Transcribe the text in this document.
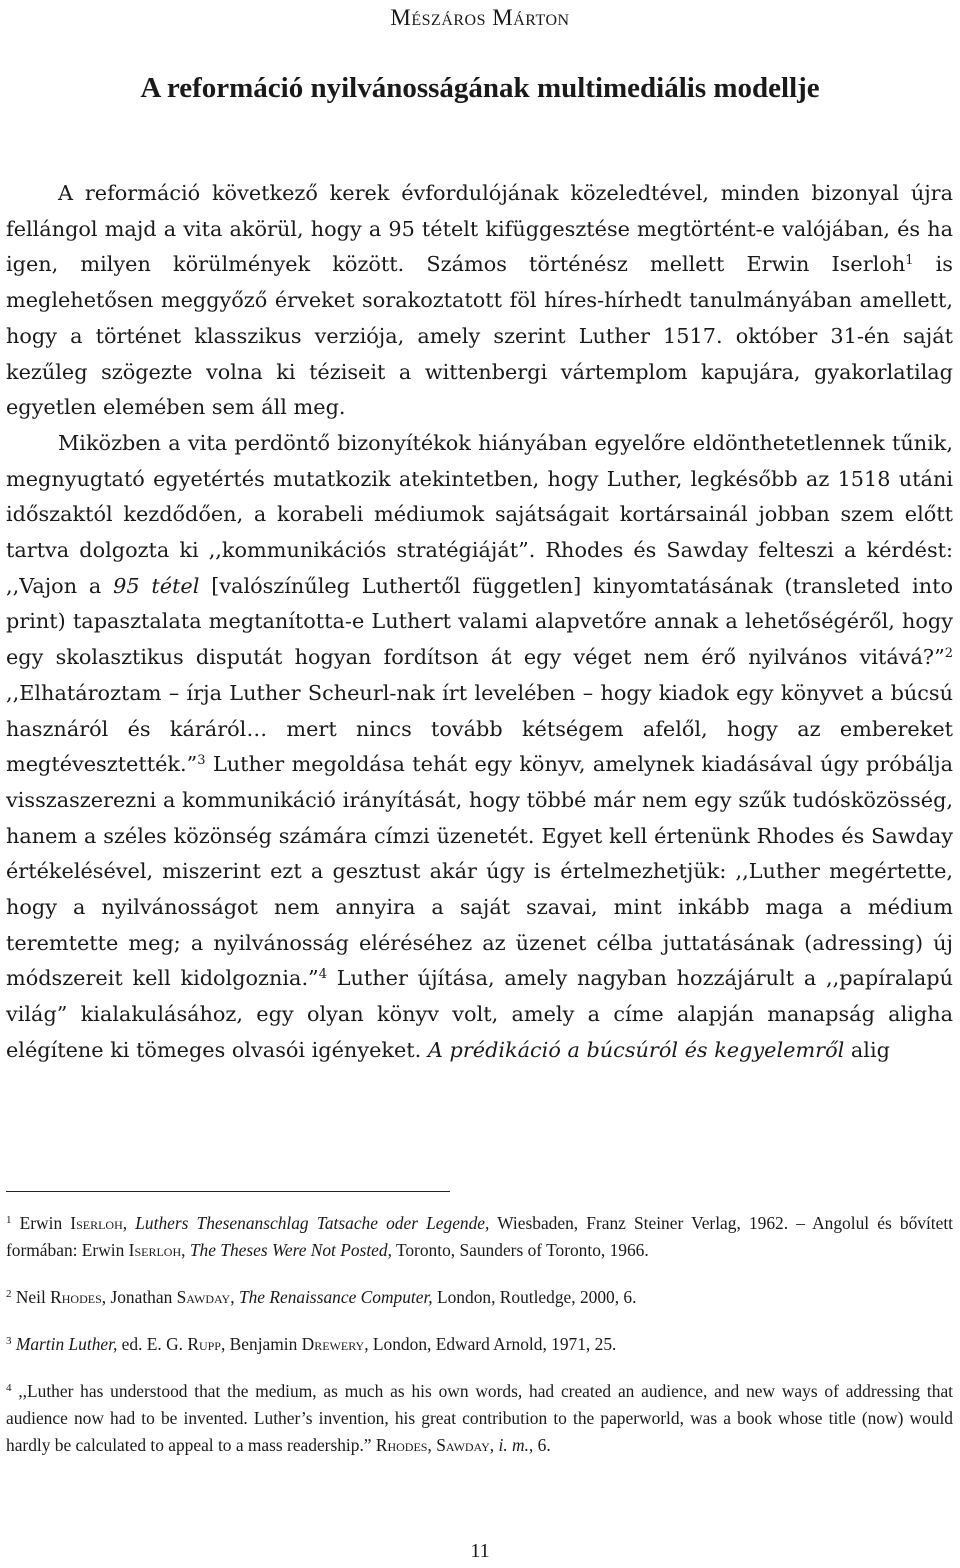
Mészáros Márton
A reformáció nyilvánosságának multimediális modellje

A reformáció következő kerek évfordulójának közeledtével, minden bizonyal újra fellángol majd a vita akörül, hogy a 95 tételt kifüggesztése megtörtént-e valójában, és ha igen, milyen körülmények között. Számos történész mellett Erwin Iserloh$^1$ is meglehetősen meggyőző érveket sorakoztatott föl híres-hírhedt tanulmányában amellett, hogy a történet klasszikus verziója, amely szerint Luther 1517. október 31-én saját kezűleg szögezte volna ki téziseit a wittenbergi vártemplom kapujára, gyakorlatilag egyetlen elemében sem áll meg.

Miközben a vita perdöntő bizonyítékok hiányában egyelőre eldönthetetlennek tűnik, megnyugtató egyetértés mutatkozik atekintetben, hogy Luther, legkésőbb az 1518 utáni időszaktól kezdődően, a korabeli médiumok sajátságait kortársainál jobban szem előtt tartva dolgozta ki ,,kommunikációs stratégiáját”. Rhodes és Sawday felteszi a kérdést: ,,Vajon a 95 tétel [valószínűleg Luthertől független] kinyomtatásának (transleted into print) tapasztalata megtanította-e Luthert valami alapvetőre annak a lehetőségéről, hogy egy skolasztikus disputát hogyan fordítson át egy véget nem érő nyilvános vitává?”$^2$ ,,Elhatároztam – írja Luther Scheurl-nak írt levelében – hogy kiadok egy könyvet a búcsú hasznáról és káráról… mert nincs tovább kétségem afelől, hogy az embereket megtévesztették.”$^3$ Luther megoldása tehát egy könyv, amelynek kiadásával úgy próbálja visszaszerezni a kommunikáció irányítását, hogy többé már nem egy szűk tudósközösség, hanem a széles közönség számára címzi üzenetét. Egyet kell értenünk Rhodes és Sawday értékelésével, miszerint ezt a gesztust akár úgy is értelmezhetjük: ,,Luther megértette, hogy a nyilvánosságot nem annyira a saját szavai, mint inkább maga a médium teremtette meg; a nyilvánosság eléréséhez az üzenet célba juttatásának (adressing) új módszereit kell kidolgoznia.”$^4$ Luther újítása, amely nagyban hozzájárult a ,,papíralapú világ” kialakulásához, egy olyan könyv volt, amely a címe alapján manapság aligha elégítene ki tömeges olvasói igényeket. A prédikáció a búcsúról és kegyelemről alig

$^1$ Erwin Iserloh, Luthers Thesenanschlag Tatsache oder Legende, Wiesbaden, Franz Steiner Verlag, 1962. – Angolul és bővített formában: Erwin Iserloh, The Theses Were Not Posted, Toronto, Saunders of Toronto, 1966.

$^2$ Neil Rhodes, Jonathan Sawday, The Renaissance Computer, London, Routledge, 2000, 6.

$^3$ Martin Luther, ed. E. G. Rupp, Benjamin Drewery, London, Edward Arnold, 1971, 25.

$^4$ ,,Luther has understood that the medium, as much as his own words, had created an audience, and new ways of addressing that audience now had to be invented. Luther’s invention, his great contribution to the paperworld, was a book whose title (now) would hardly be calculated to appeal to a mass readership.” Rhodes, Sawday, i. m., 6.

11
